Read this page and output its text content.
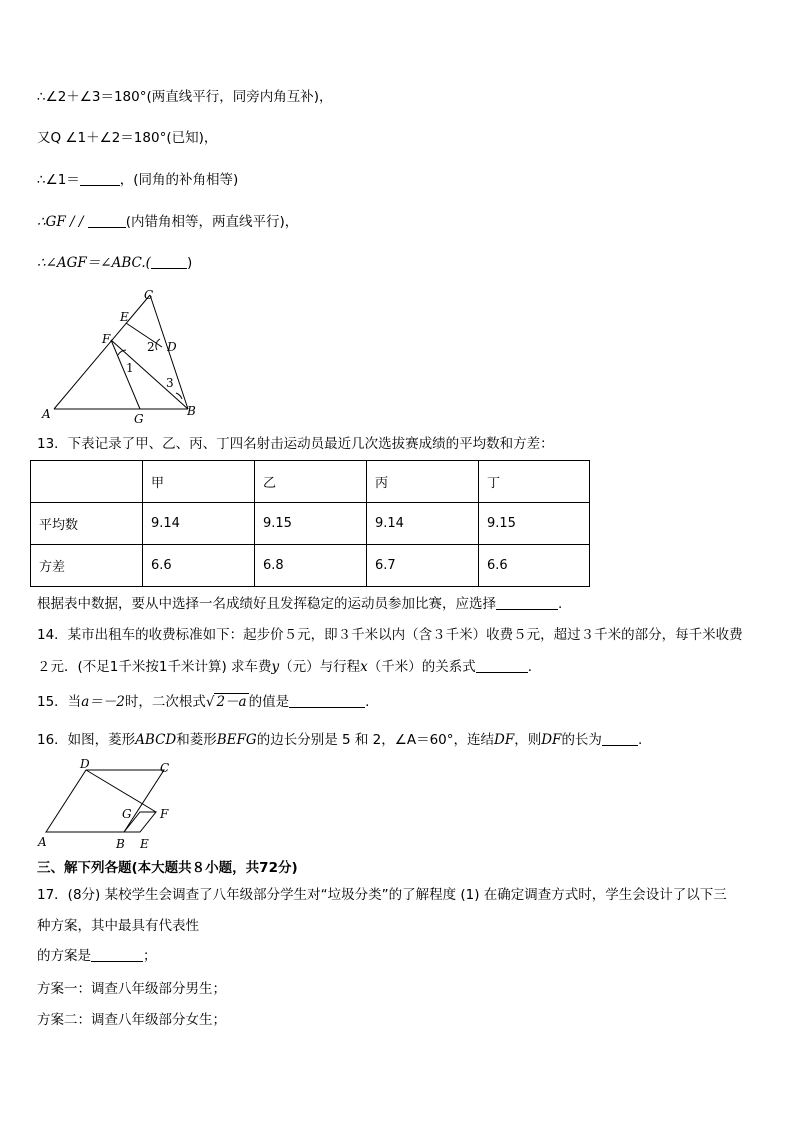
∴∠2＋∠3＝180°(两直线平行，同旁内角互补)，
又Q ∠1＋∠2＝180°(已知)，
∴∠1＝	，(同角的补角相等)
∴GF / /	(内错角相等，两直线平行)，
∴∠AGF＝∠ABC.(	)
C
E
F
D
A	G
B
1
2
3
13．下表记录了甲、乙、丙、丁四名射击运动员最近几次选拔赛成绩的平均数和方差：
	甲	乙	丙	丁
平均数	9.14	9.15	9.14	9.15
方差	6.6	6.8	6.7	6.6
根据表中数据，要从中选择一名成绩好且发挥稳定的运动员参加比赛，应选择	.
14．某市出租车的收费标准如下：起步价５元，即３千米以内（含３千米）收费５元，超过３千米的部分，每千米收费
２元．(不足1千米按1千米计算) 求车费y（元）与行程x（千米）的关系式	.
15．当a＝－2时，二次根式√ 2－a 的值是	.
16．如图，菱形ABCD和菱形BEFG的边长分别是 5 和 2，∠A＝60°，连结DF，则DF的长为	.
A	B E
F
G
D	C
三、解下列各题(本大题共８小题，共72分)
17．(8分) 某校学生会调查了八年级部分学生对“垃圾分类”的了解程度 (1) 在确定调查方式时，学生会设计了以下三
种方案，其中最具有代表性
的方案是	；
方案一：调查八年级部分男生；
方案二：调查八年级部分女生；
